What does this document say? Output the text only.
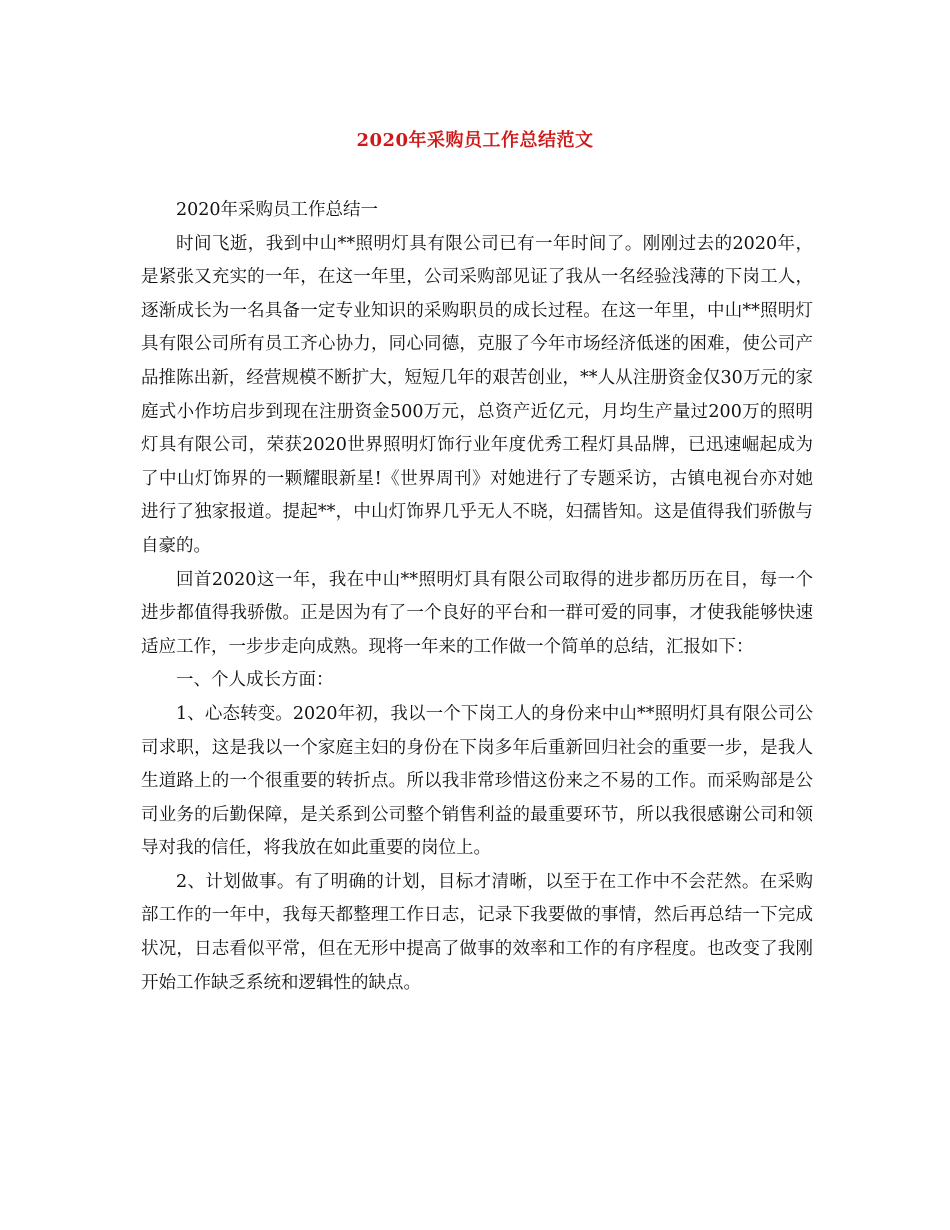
2020年采购员工作总结范文

2020年采购员工作总结一

时间飞逝，我到中山**照明灯具有限公司已有一年时间了。刚刚过去的2020年，是紧张又充实的一年，在这一年里，公司采购部见证了我从一名经验浅薄的下岗工人，逐渐成长为一名具备一定专业知识的采购职员的成长过程。在这一年里，中山**照明灯具有限公司所有员工齐心协力，同心同德，克服了今年市场经济低迷的困难，使公司产品推陈出新，经营规模不断扩大，短短几年的艰苦创业，**人从注册资金仅30万元的家庭式小作坊启步到现在注册资金500万元，总资产近亿元，月均生产量过200万的照明灯具有限公司，荣获2020世界照明灯饰行业年度优秀工程灯具品牌，已迅速崛起成为了中山灯饰界的一颗耀眼新星!《世界周刊》对她进行了专题采访，古镇电视台亦对她进行了独家报道。提起**，中山灯饰界几乎无人不晓，妇孺皆知。这是值得我们骄傲与自豪的。

回首2020这一年，我在中山**照明灯具有限公司取得的进步都历历在目，每一个进步都值得我骄傲。正是因为有了一个良好的平台和一群可爱的同事，才使我能够快速适应工作，一步步走向成熟。现将一年来的工作做一个简单的总结，汇报如下：

一、个人成长方面：

1、心态转变。2020年初，我以一个下岗工人的身份来中山**照明灯具有限公司公司求职，这是我以一个家庭主妇的身份在下岗多年后重新回归社会的重要一步，是我人生道路上的一个很重要的转折点。所以我非常珍惜这份来之不易的工作。而采购部是公司业务的后勤保障，是关系到公司整个销售利益的最重要环节，所以我很感谢公司和领导对我的信任，将我放在如此重要的岗位上。

2、计划做事。有了明确的计划，目标才清晰，以至于在工作中不会茫然。在采购部工作的一年中，我每天都整理工作日志，记录下我要做的事情，然后再总结一下完成状况，日志看似平常，但在无形中提高了做事的效率和工作的有序程度。也改变了我刚开始工作缺乏系统和逻辑性的缺点。
